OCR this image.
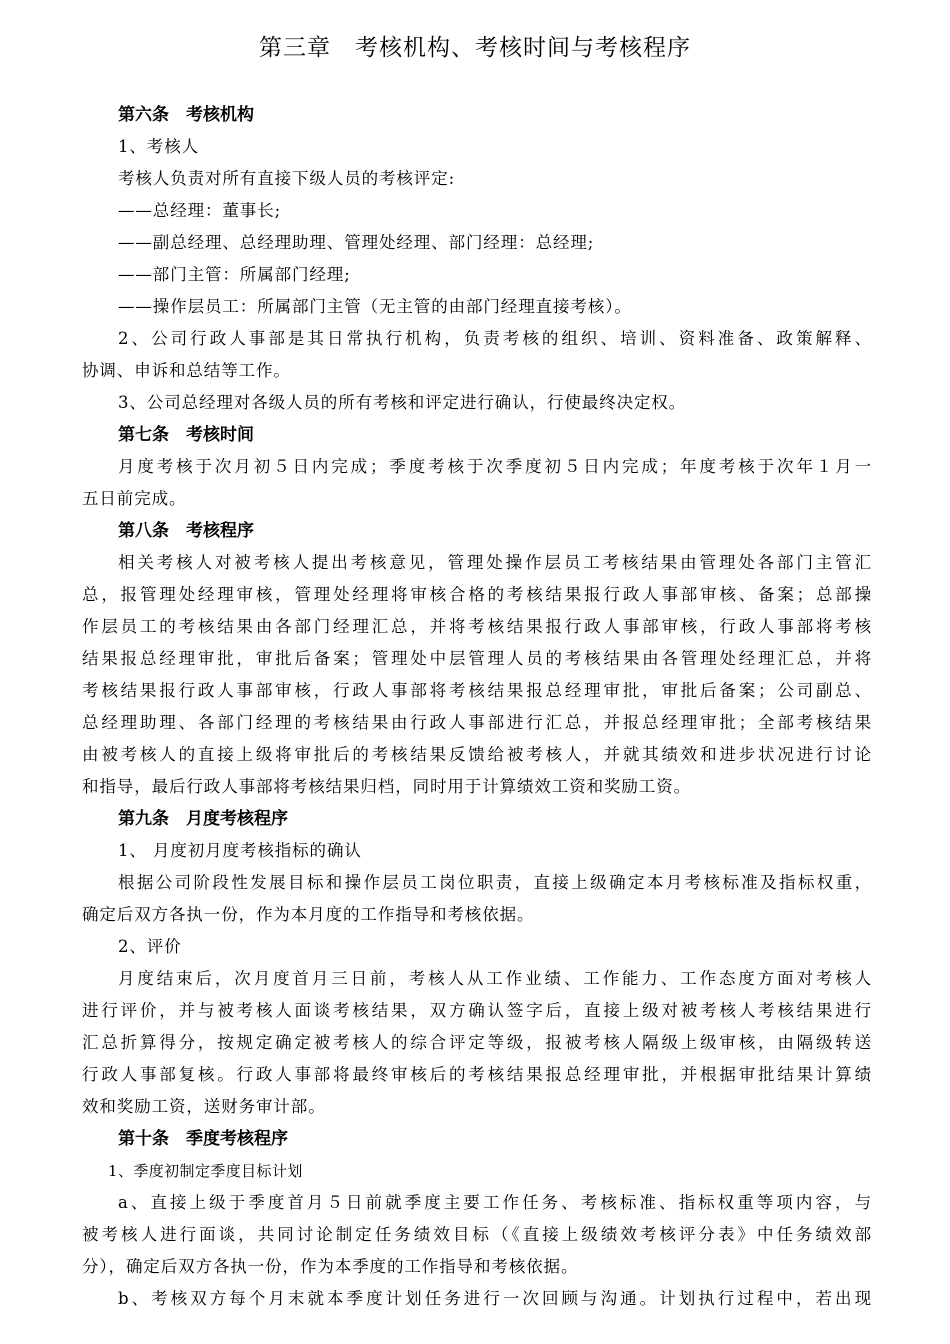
第三章　考核机构、考核时间与考核程序
第六条　考核机构
1、考核人
考核人负责对所有直接下级人员的考核评定:
——总经理：董事长;
——副总经理、总经理助理、管理处经理、部门经理：总经理;
——部门主管：所属部门经理;
——操作层员工：所属部门主管（无主管的由部门经理直接考核）。
2、公司行政人事部是其日常执行机构，负责考核的组织、培训、资料准备、政策解释、
协调、申诉和总结等工作。
3、公司总经理对各级人员的所有考核和评定进行确认，行使最终决定权。
第七条　考核时间
月度考核于次月初５日内完成；季度考核于次季度初５日内完成；年度考核于次年１月一
五日前完成。
第八条　考核程序
相关考核人对被考核人提出考核意见，管理处操作层员工考核结果由管理处各部门主管汇
总，报管理处经理审核，管理处经理将审核合格的考核结果报行政人事部审核、备案；总部操
作层员工的考核结果由各部门经理汇总，并将考核结果报行政人事部审核，行政人事部将考核
结果报总经理审批，审批后备案；管理处中层管理人员的考核结果由各管理处经理汇总，并将
考核结果报行政人事部审核，行政人事部将考核结果报总经理审批，审批后备案；公司副总、
总经理助理、各部门经理的考核结果由行政人事部进行汇总，并报总经理审批；全部考核结果
由被考核人的直接上级将审批后的考核结果反馈给被考核人，并就其绩效和进步状况进行讨论
和指导，最后行政人事部将考核结果归档，同时用于计算绩效工资和奖励工资。
第九条　月度考核程序
1、 月度初月度考核指标的确认
根据公司阶段性发展目标和操作层员工岗位职责，直接上级确定本月考核标准及指标权重，
确定后双方各执一份，作为本月度的工作指导和考核依据。
2、评价
月度结束后，次月度首月三日前，考核人从工作业绩、工作能力、工作态度方面对考核人
进行评价，并与被考核人面谈考核结果，双方确认签字后，直接上级对被考核人考核结果进行
汇总折算得分，按规定确定被考核人的综合评定等级，报被考核人隔级上级审核，由隔级转送
行政人事部复核。行政人事部将最终审核后的考核结果报总经理审批，并根据审批结果计算绩
效和奖励工资，送财务审计部。
第十条　季度考核程序
1、季度初制定季度目标计划
a、直接上级于季度首月５日前就季度主要工作任务、考核标准、指标权重等项内容，与
被考核人进行面谈，共同讨论制定任务绩效目标（《直接上级绩效考核评分表》中任务绩效部
分），确定后双方各执一份，作为本季度的工作指导和考核依据。
b、考核双方每个月末就本季度计划任务进行一次回顾与沟通。计划执行过程中，若出现
